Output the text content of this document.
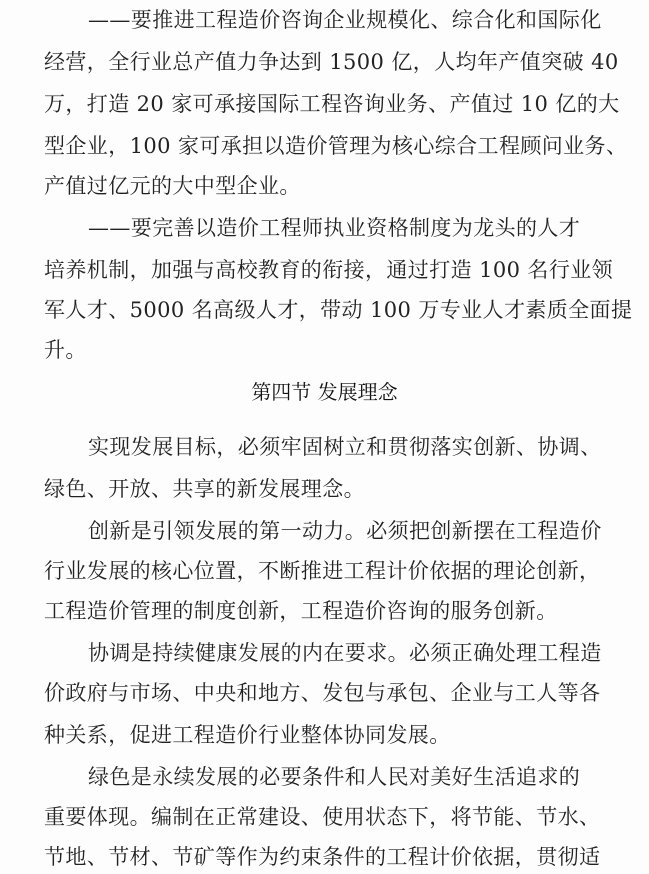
——要推进工程造价咨询企业规模化、综合化和国际化
经营，全行业总产值力争达到 1500 亿，人均年产值突破 40
万，打造 20 家可承接国际工程咨询业务、产值过 10 亿的大
型企业，100 家可承担以造价管理为核心综合工程顾问业务、
产值过亿元的大中型企业。
——要完善以造价工程师执业资格制度为龙头的人才
培养机制，加强与高校教育的衔接，通过打造 100 名行业领
军人才、5000 名高级人才，带动 100 万专业人才素质全面提
升。
第四节 发展理念
实现发展目标，必须牢固树立和贯彻落实创新、协调、
绿色、开放、共享的新发展理念。
创新是引领发展的第一动力。必须把创新摆在工程造价
行业发展的核心位置，不断推进工程计价依据的理论创新，
工程造价管理的制度创新，工程造价咨询的服务创新。
协调是持续健康发展的内在要求。必须正确处理工程造
价政府与市场、中央和地方、发包与承包、企业与工人等各
种关系，促进工程造价行业整体协同发展。
绿色是永续发展的必要条件和人民对美好生活追求的
重要体现。编制在正常建设、使用状态下，将节能、节水、
节地、节材、节矿等作为约束条件的工程计价依据，贯彻适
